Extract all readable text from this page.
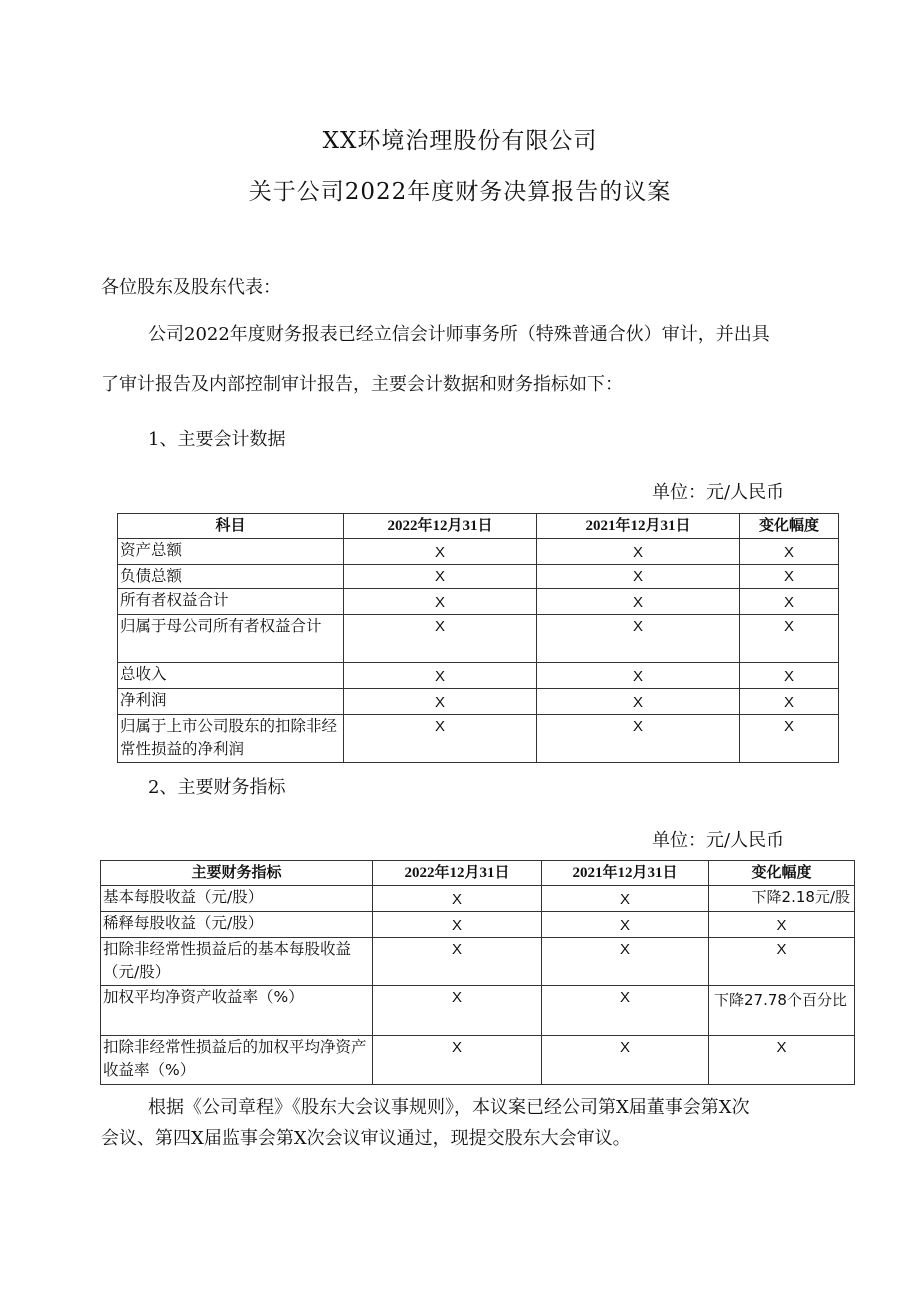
XX环境治理股份有限公司
关于公司2022年度财务决算报告的议案
各位股东及股东代表：
公司2022年度财务报表已经立信会计师事务所（特殊普通合伙）审计，并出具
了审计报告及内部控制审计报告，主要会计数据和财务指标如下：
1、主要会计数据
单位：元/人民币
科目	2022年12月31日	2021年12月31日	变化幅度
资产总额	X	X	X
负债总额	X	X	X
所有者权益合计	X	X	X
归属于母公司所有者权益合计	X	X	X
总收入	X	X	X
净利润	X	X	X
归属于上市公司股东的扣除非经常性损益的净利润	X	X	X
2、主要财务指标
单位：元/人民币
主要财务指标	2022年12月31日	2021年12月31日	变化幅度
基本每股收益（元/股）	X	X	下降2.18元/股
稀释每股收益（元/股）	X	X	X
扣除非经常性损益后的基本每股收益（元/股）	X	X	X
加权平均净资产收益率（%）	X	X	下降27.78个百分比
扣除非经常性损益后的加权平均净资产收益率（%）	X	X	X
根据《公司章程》《股东大会议事规则》，本议案已经公司第X届董事会第X次
会议、第四X届监事会第X次会议审议通过，现提交股东大会审议。
